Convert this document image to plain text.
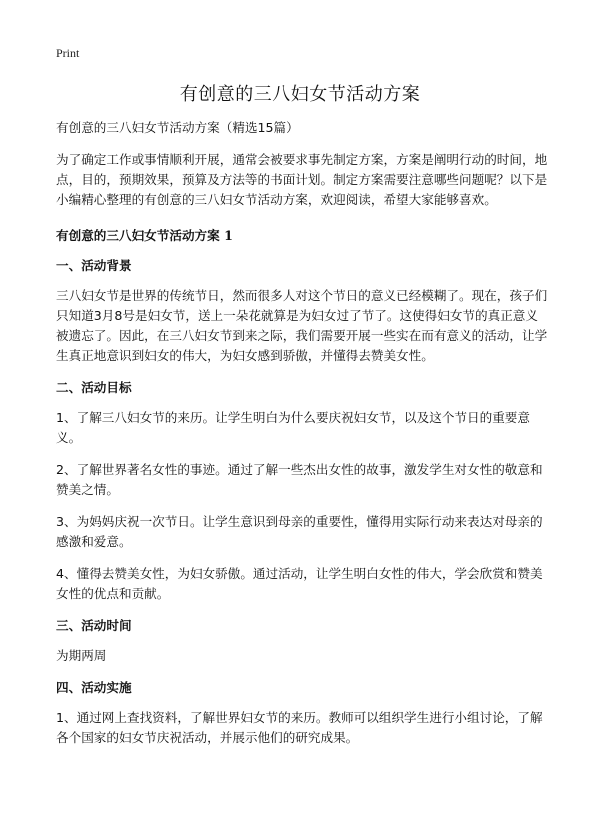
Print
有创意的三八妇女节活动方案

有创意的三八妇女节活动方案（精选15篇）

为了确定工作或事情顺利开展，通常会被要求事先制定方案，方案是阐明行动的时间，地点，目的，预期效果，预算及方法等的书面计划。制定方案需要注意哪些问题呢？以下是小编精心整理的有创意的三八妇女节活动方案，欢迎阅读，希望大家能够喜欢。

有创意的三八妇女节活动方案 1

一、活动背景

三八妇女节是世界的传统节日，然而很多人对这个节日的意义已经模糊了。现在，孩子们只知道3月8号是妇女节，送上一朵花就算是为妇女过了节了。这使得妇女节的真正意义被遗忘了。因此，在三八妇女节到来之际，我们需要开展一些实在而有意义的活动，让学生真正地意识到妇女的伟大，为妇女感到骄傲，并懂得去赞美女性。

二、活动目标

1、了解三八妇女节的来历。让学生明白为什么要庆祝妇女节，以及这个节日的重要意义。

2、了解世界著名女性的事迹。通过了解一些杰出女性的故事，激发学生对女性的敬意和赞美之情。

3、为妈妈庆祝一次节日。让学生意识到母亲的重要性，懂得用实际行动来表达对母亲的感激和爱意。

4、懂得去赞美女性，为妇女骄傲。通过活动，让学生明白女性的伟大，学会欣赏和赞美女性的优点和贡献。

三、活动时间

为期两周

四、活动实施

1、通过网上查找资料，了解世界妇女节的来历。教师可以组织学生进行小组讨论，了解各个国家的妇女节庆祝活动，并展示他们的研究成果。
